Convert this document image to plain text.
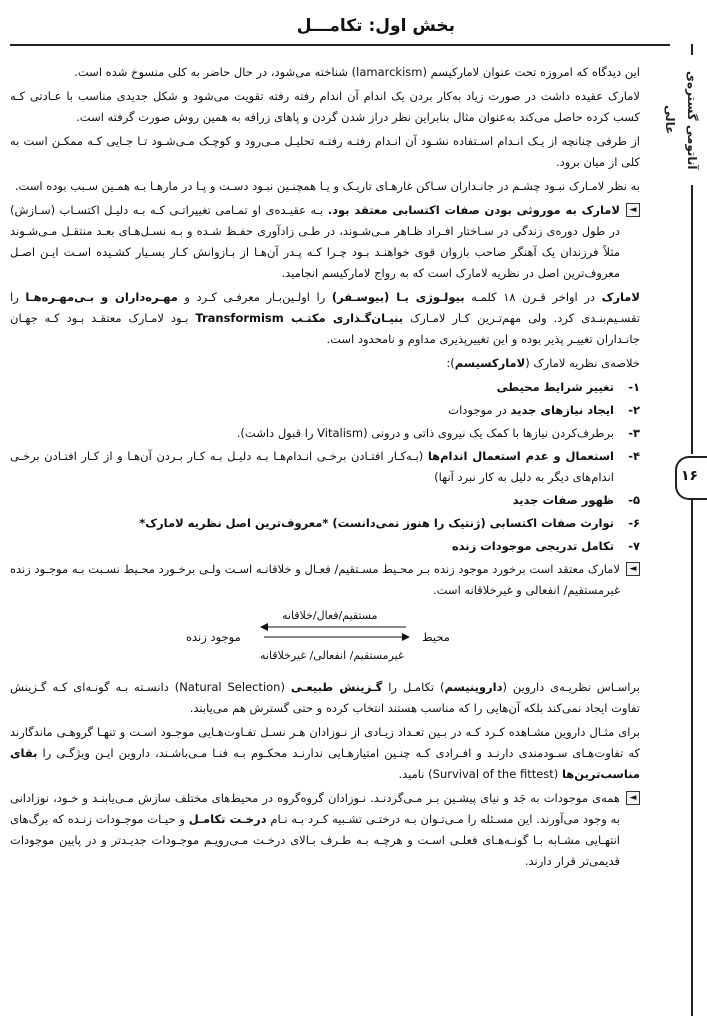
بخش اول: تکامـــل
آناتومی گستره‌ی عالی
۱۶

این دیدگاه که امروزه تحت عنوان لامارکیسم (lamarckism) شناخته می‌شود، در حال حاضر به کلی منسوخ شده است.

لامارک عقیده داشت در صورت زیاد به‌کار بردن یک اندام آن اندام رفته رفته تقویت می‌شود و شکل جدیدی مناسب با عـادتی کـه کسب کرده حاصل می‌کند به‌عنوان مثال بنابراین نظر دراز شدن گردن و پاهای زرافه به همین روش صورت گرفته است.

از طرفی چنانچه از یـک انـدام اسـتفاده نشـود آن انـدام رفتـه رفتـه تحلیـل مـی‌رود و کوچـک مـی‌شـود تـا جـایی کـه ممکـن است به کلی از میان برود.

به نظر لامـارک نبـود چشـم در جانـداران سـاکن غارهـای تاریـک و یـا همچنـین نبـود دسـت و پـا در مارهـا بـه همـین سـبب بوده است.

◄
لامارک به موروثی بودن صفات اکتسابی معتقد بود. بـه عقیـده‌ی او تمـامی تغییراتـی کـه بـه دلیـل اکتسـاب (سـازش) در طول دوره‌ی زندگی در سـاختار افـراد ظـاهر مـی‌شـوند، در طـی زادآوری حفـظ شـده و بـه نسـل‌هـای بعـد منتقـل مـی‌شـوند مثلاً فرزندان یک آهنگر صاحب بازوان قوی خواهنـد بـود چـرا کـه پـدر آن‌هـا از بـازوانش کـار بسـیار کشـیده اسـت ایـن اصـل معروف‌ترین اصل در نظریه لامارک است که به رواج لامارکیسم انجامید.

لامارک در اواخر قـرن ۱۸ کلمـه بیولـوژی یـا (بیوسـفر) را اولـین‌بـار معرفـی کـرد و مهـره‌داران و بـی‌مهـره‌هـا را تقسـیم‌بنـدی کرد. ولی مهم‌تـرین کـار لامـارک بنیـان‌گـذاری مکتـب Transformism بـود لامـارک معتقـد بـود کـه جهـان جانـداران تغییـر پذیر بوده و این تغییرپذیری مداوم و نامحدود است.

خلاصه‌ی نظریه لامارک (لامارکسیسم):

۱-
تغییر شرایط محیطی
۲-
ایجاد نیازهای جدید در موجودات
۳-
برطرف‌کردن نیازها با کمک یک نیروی ذاتی و درونی (Vitalism را قبول داشت).
۴-
استعمال و عدم استعمال اندام‌ها (بـه‌کـار افتـادن برخـی انـدام‌هـا بـه دلیـل بـه کـار بـردن آن‌هـا و از کـار افتـادن برخـی اندام‌های دیگر به دلیل به کار نبرد آنها)
۵-
ظهور صفات جدید
۶-
توارث صفات اکتسابی (ژنتیک را هنوز نمی‌دانست) *معروف‌ترین اصل نظریه لامارک*
۷-
تکامل تدریجی موجودات زنده

◄
لامارک معتقد است برخورد موجود زنده بـر محـیط مسـتقیم/ فعـال و خلاقانـه اسـت ولـی برخـورد محـیط نسـبت بـه موجـود زنده غیرمستقیم/ انفعالی و غیرخلاقانه است.

مستقیم/فعال/خلاقانه
محیط
موجود زنده
غیرمستقیم/ انفعالی/ غیرخلاقانه

براسـاس نظریـه‌ی داروین (داروینیسم) تکامـل را گـزینش طبیعـی (Natural Selection) دانسـته بـه گونـه‌ای کـه گـزینش تفاوت ایجاد نمی‌کند بلکه آن‌هایی را که مناسب هستند انتخاب کرده و حتی گسترش هم می‌یابند.

برای مثـال داروین مشـاهده کـرد کـه در بـین تعـداد زیـادی از نـوزادان هـر نسـل تفـاوت‌هـایی موجـود اسـت و تنهـا گروهـی ماندگارند که تفاوت‌هـای سـودمندی دارنـد و افـرادی کـه چنـین امتیازهـایی ندارنـد محکـوم بـه فنـا مـی‌باشـند، داروین ایـن ویژگـی را بقای مناسب‌ترین‌ها (Survival of the fittest) نامید.

◄
همه‌ی موجودات به جَد و نیای پیشـین بـر مـی‌گردنـد. نـوزادان گروه‌گروه در محیط‌های مختلف سازش مـی‌یابنـد و خـود، نوزادانی به وجود می‌آورند. این مسـئله را مـی‌تـوان بـه درختـی تشـبیه کـرد بـه نـام درخـت تکامـل و حیـات موجـودات زنـده که برگ‌های انتهـایی مشـابه بـا گونـه‌هـای فعلـی اسـت و هرچـه بـه طـرف بـالای درخـت مـی‌رویـم موجـودات جدیـدتر و در پایین موجودات قدیمی‌تر قرار دارند.
